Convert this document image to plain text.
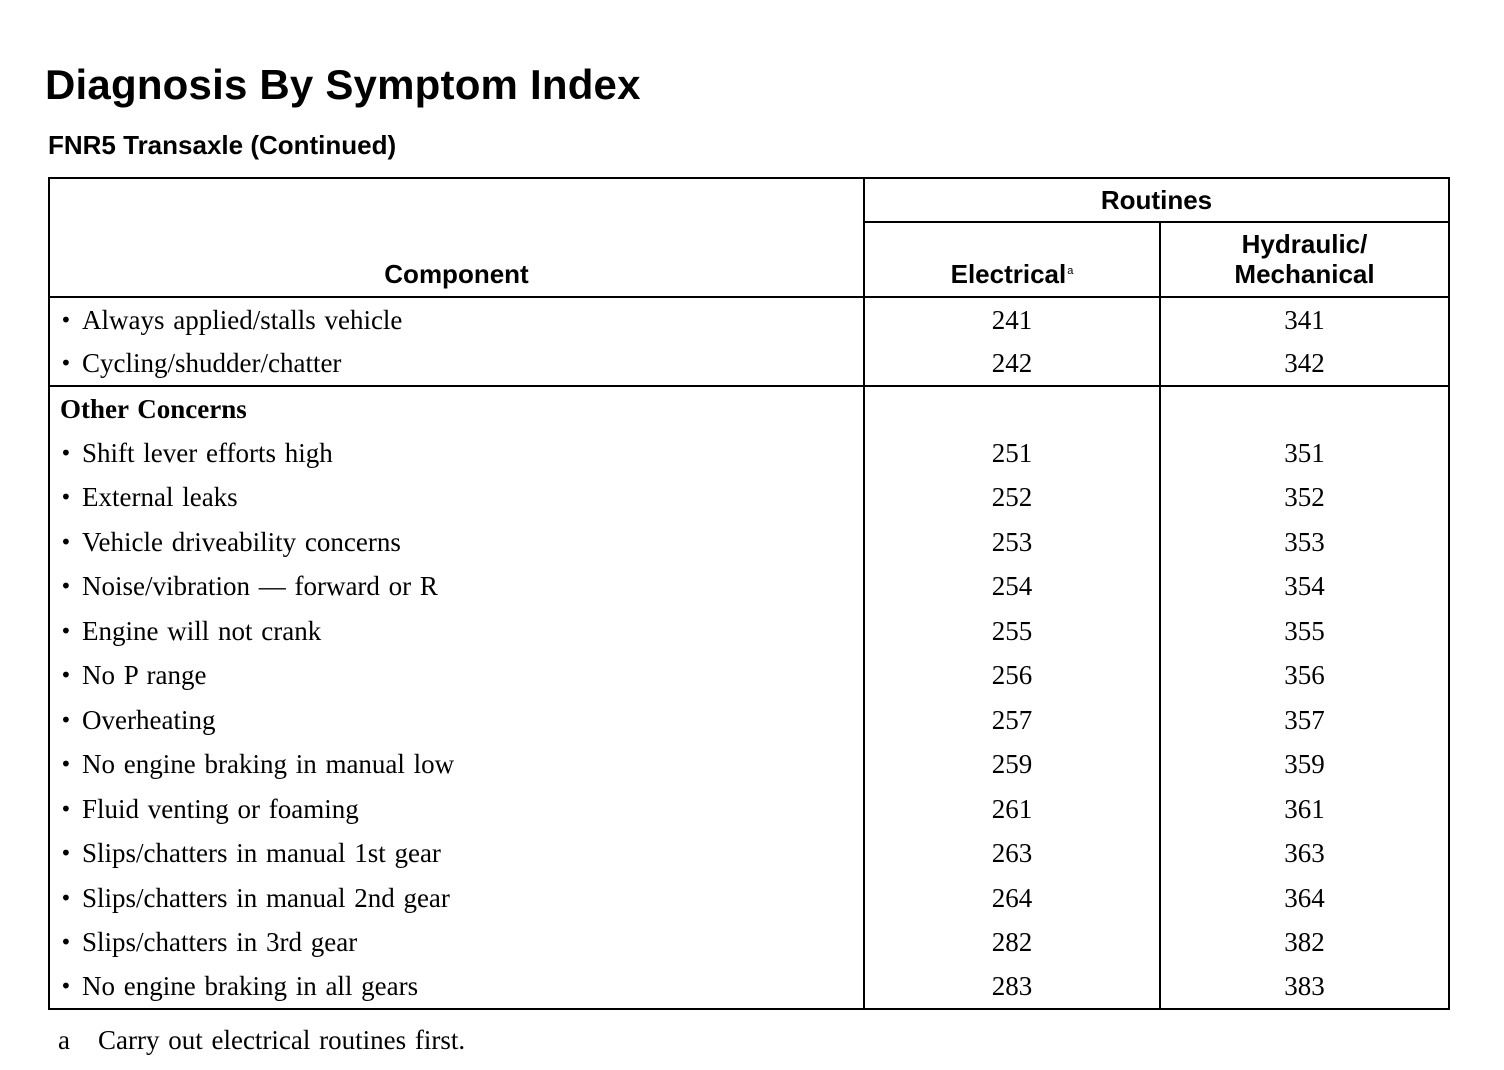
Diagnosis By Symptom Index
FNR5 Transaxle (Continued)
Component	Routines	
	Electrical$^a$	Hydraulic/
Mechanical
• Always applied/stalls vehicle	241	341
• Cycling/shudder/chatter	242	342
Other Concerns		
• Shift lever efforts high	251	351
• External leaks	252	352
• Vehicle driveability concerns	253	353
• Noise/vibration — forward or R	254	354
• Engine will not crank	255	355
• No P range	256	356
• Overheating	257	357
• No engine braking in manual low	259	359
• Fluid venting or foaming	261	361
• Slips/chatters in manual 1st gear	263	363
• Slips/chatters in manual 2nd gear	264	364
• Slips/chatters in 3rd gear	282	382
• No engine braking in all gears	283	383
a Carry out electrical routines first.
